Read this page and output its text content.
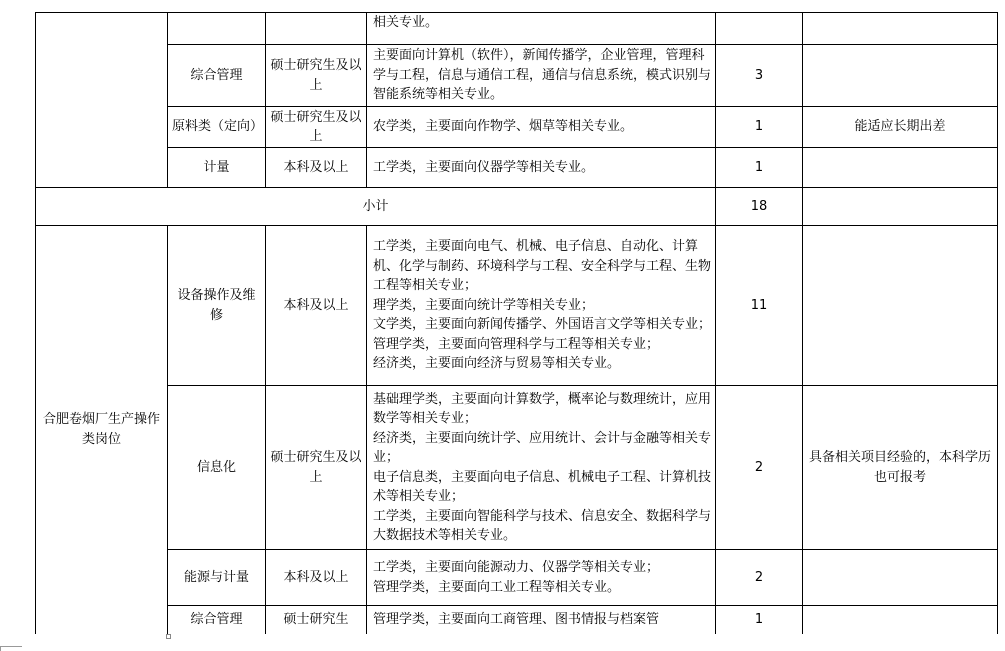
			相关专业。		
	综合管理	硕士研究生及以上	主要面向计算机（软件），新闻传播学，企业管理，管理科学与工程，信息与通信工程，通信与信息系统，模式识别与智能系统等相关专业。	3	
	原料类（定向）	硕士研究生及以上	农学类，主要面向作物学、烟草等相关专业。	1	能适应长期出差
	计量	本科及以上	工学类，主要面向仪器学等相关专业。	1	
小计				18	
合肥卷烟厂生产操作类岗位	设备操作及维修	本科及以上	工学类，主要面向电气、机械、电子信息、自动化、计算机、化学与制药、环境科学与工程、安全科学与工程、生物工程等相关专业；
理学类，主要面向统计学等相关专业；
文学类，主要面向新闻传播学、外国语言文学等相关专业；
管理学类，主要面向管理科学与工程等相关专业；
经济类，主要面向经济与贸易等相关专业。	11	
	信息化	硕士研究生及以上	基础理学类，主要面向计算数学，概率论与数理统计，应用数学等相关专业；
经济类，主要面向统计学、应用统计、会计与金融等相关专业；
电子信息类，主要面向电子信息、机械电子工程、计算机技术等相关专业；
工学类，主要面向智能科学与技术、信息安全、数据科学与大数据技术等相关专业。	2	具备相关项目经验的，本科学历也可报考
	能源与计量	本科及以上	工学类，主要面向能源动力、仪器学等相关专业；
管理学类，主要面向工业工程等相关专业。	2	
	综合管理	硕士研究生	管理学类，主要面向工商管理、图书情报与档案管	1	
